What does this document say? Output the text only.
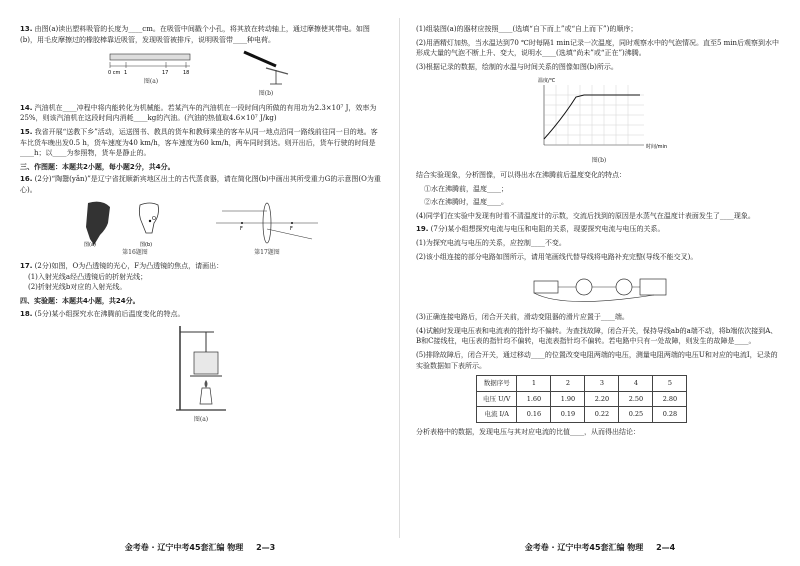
13. 由图(a)读出塑料吸管的长度为____cm。在吸管中间戳个小孔，将其放在转动轴上，通过摩擦使其带电。如图(b)，用毛皮摩擦过的橡胶棒靠近吸管，发现吸管被排斥，说明吸管带____种电荷。
0 cm 1	17	18
图(a)
图(b)
14. 汽油机在____冲程中将内能转化为机械能。若某汽车的汽油机在一段时间内所做的有用功为2.3×10⁷ J，效率为25%，则该汽油机在这段时间内消耗____kg的汽油。(汽油的热值取4.6×10⁷ J/kg)
15. 我省开展“送教下乡”活动，运送图书、教具的货车和教师乘坐的客车从同一地点沿同一路线前往同一目的地。客车比货车晚出发0.5 h，货车速度为40 km/h，客车速度为60 km/h，两车同时到达。则开出后，货车行驶的时间是____h；以____为参照物，货车是静止的。
三、作图题：本题共2小题，每小题2分，共4分。
16. (2分)“陶鬶(yǎn)”是辽宁省抚顺新宾地区出土的古代蒸食器，请在简化图(b)中画出其所受重力G的示意图(O为重心)。
O
图(a)	图(b)
第16题图
F	F
第17题图
17. (2分)如图，O为凸透镜的光心，F为凸透镜的焦点，请画出：
(1)入射光线a经凸透镜后的折射光线；
(2)折射光线b对应的入射光线。
四、实验题：本题共4小题，共24分。
18. (5分)某小组探究水在沸腾前后温度变化的特点。
图(a)
金考卷 · 辽宁中考45套汇编 物理 2—3
(1)组装图(a)的器材应按照____(选填“自下而上”或“自上而下”)的顺序；
(2)用酒精灯加热，当水温达到70 ℃时每隔1 min记录一次温度，同时观察水中的气泡情况。直至5 min后观察到水中形成大量的气泡不断上升、变大，说明水____(选填“尚未”或“正在”)沸腾。
(3)根据记录的数据，绘制的水温与时间关系的图像如图(b)所示。
温度/℃
时间/min
图(b)
结合实验现象，分析图像，可以得出水在沸腾前后温度变化的特点：
①水在沸腾前，温度____；
②水在沸腾时，温度____。
(4)同学们在实验中发现有时看不清温度计的示数，交流后找到的原因是水蒸气在温度计表面发生了____现象。
19. (7分)某小组想探究电流与电压和电阻的关系，现要探究电流与电压的关系。
(1)为探究电流与电压的关系，应控制____不变。
(2)该小组连接的部分电路如图所示，请用笔画线代替导线将电路补充完整(导线不能交叉)。
(3)正确连接电路后，闭合开关前，滑动变阻器的滑片应置于____端。
(4)试触时发现电压表和电流表的指针均不偏转。为查找故障，闭合开关，保持导线ab的a端不动，将b端依次接到A、B和C接线柱，电压表的指针均不偏转，电流表指针均不偏转。若电路中只有一处故障，则发生的故障是____。
(5)排除故障后，闭合开关，通过移动____的位置改变电阻两端的电压，测量电阻两端的电压U和对应的电流I，记录的实验数据如下表所示。
数据序号	1	2	3	4	5
电压 U/V	1.60	1.90	2.20	2.50	2.80
电流 I/A	0.16	0.19	0.22	0.25	0.28
分析表格中的数据，发现电压与其对应电流的比值____，从而得出结论：
金考卷 · 辽宁中考45套汇编 物理 2—4
